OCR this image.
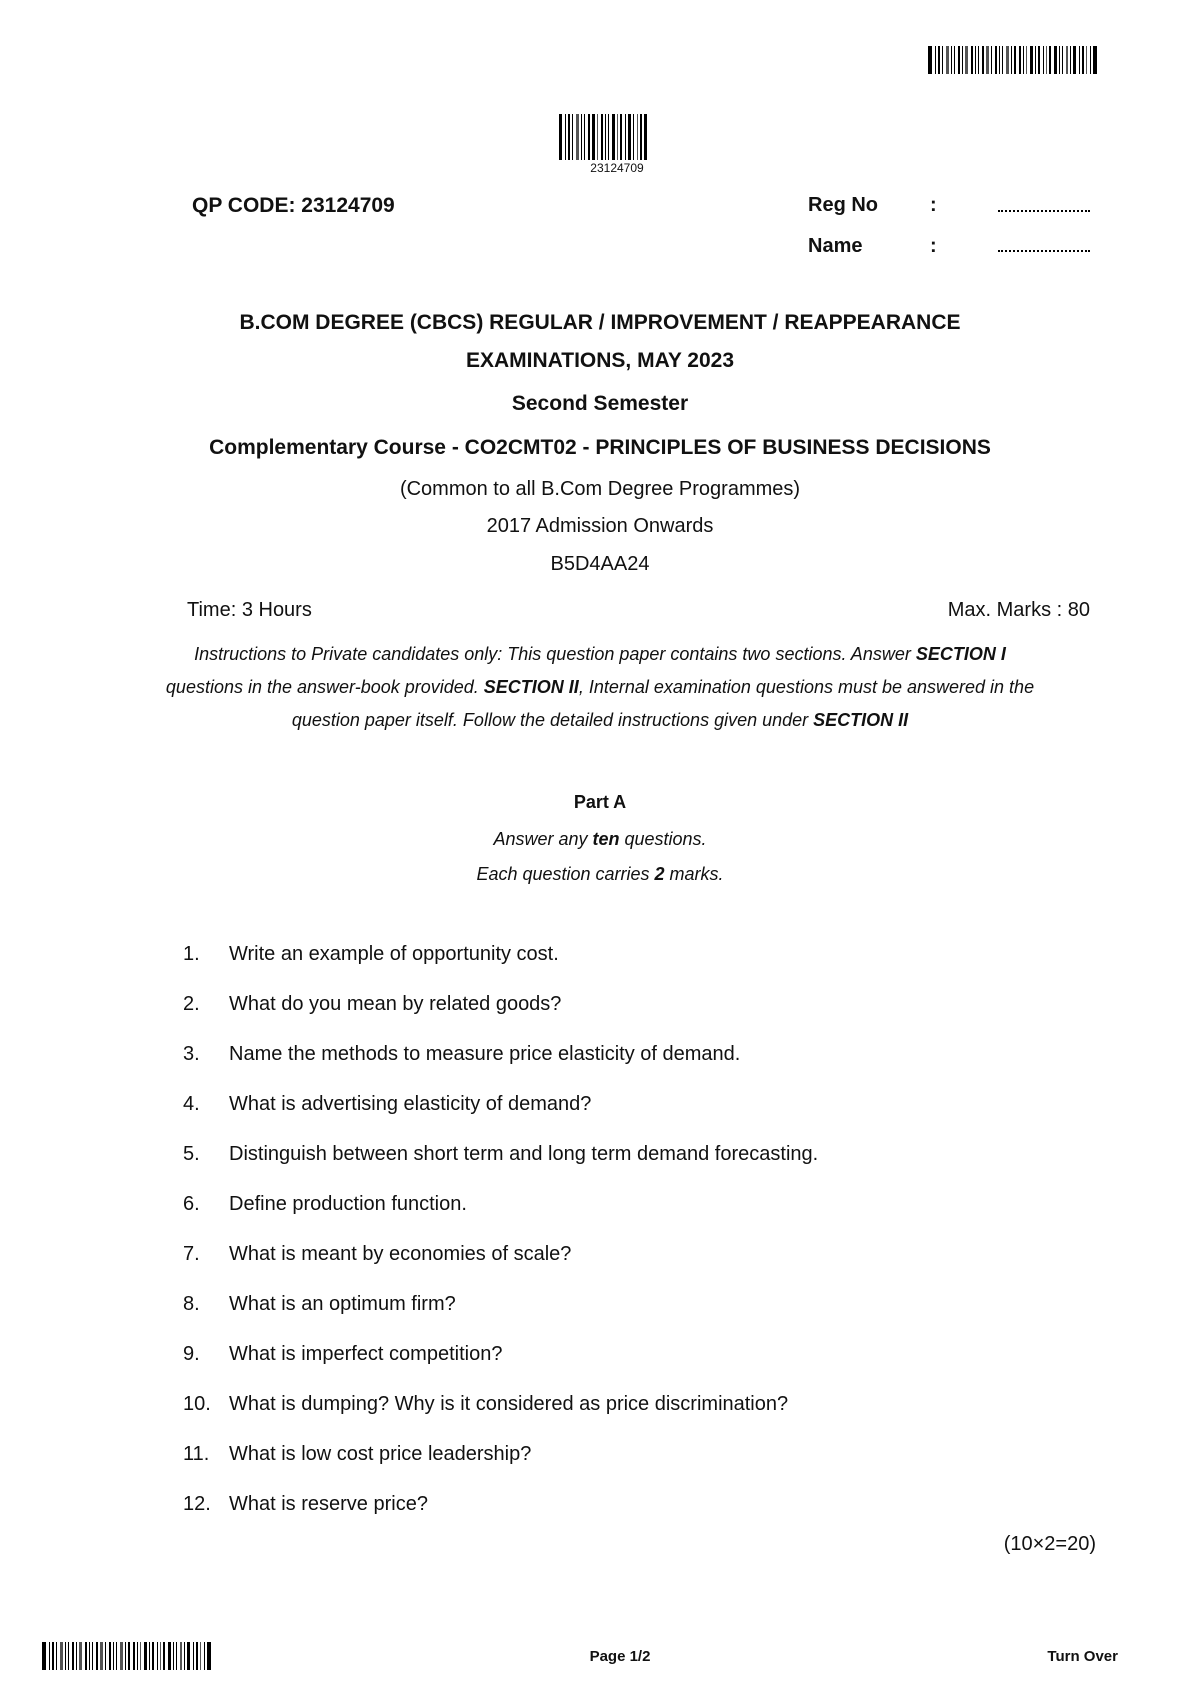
23124709
QP CODE: 23124709	Reg No	:
Name	:
B.COM DEGREE (CBCS) REGULAR / IMPROVEMENT / REAPPEARANCE
EXAMINATIONS, MAY 2023
Second Semester
Complementary Course - CO2CMT02 - PRINCIPLES OF BUSINESS DECISIONS
(Common to all B.Com Degree Programmes)
2017 Admission Onwards
B5D4AA24
Time: 3 Hours	Max. Marks : 80
Instructions to Private candidates only: This question paper contains two sections. Answer SECTION I
questions in the answer-book provided. SECTION II, Internal examination questions must be answered in the
question paper itself. Follow the detailed instructions given under SECTION II
Part A
Answer any ten questions.
Each question carries 2 marks.
1.	Write an example of opportunity cost.
2.	What do you mean by related goods?
3.	Name the methods to measure price elasticity of demand.
4.	What is advertising elasticity of demand?
5.	Distinguish between short term and long term demand forecasting.
6.	Define production function.
7.	What is meant by economies of scale?
8.	What is an optimum firm?
9.	What is imperfect competition?
10. What is dumping? Why is it considered as price discrimination?
11. What is low cost price leadership?
12. What is reserve price?
(10×2=20)
Page 1/2	Turn Over
